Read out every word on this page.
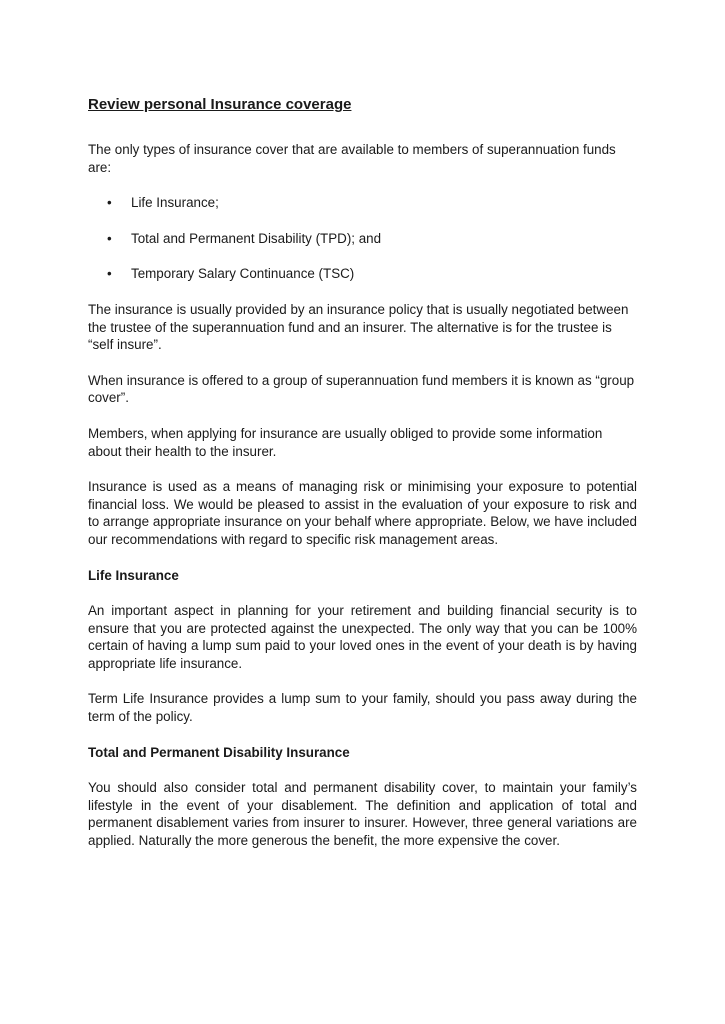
Review personal Insurance coverage

The only types of insurance cover that are available to members of superannuation funds are:

• Life Insurance;
• Total and Permanent Disability (TPD); and
• Temporary Salary Continuance (TSC)

The insurance is usually provided by an insurance policy that is usually negotiated between the trustee of the superannuation fund and an insurer. The alternative is for the trustee is “self insure”.

When insurance is offered to a group of superannuation fund members it is known as “group cover”.

Members, when applying for insurance are usually obliged to provide some information about their health to the insurer.

Insurance is used as a means of managing risk or minimising your exposure to potential financial loss. We would be pleased to assist in the evaluation of your exposure to risk and to arrange appropriate insurance on your behalf where appropriate. Below, we have included our recommendations with regard to specific risk management areas.

Life Insurance

An important aspect in planning for your retirement and building financial security is to ensure that you are protected against the unexpected. The only way that you can be 100% certain of having a lump sum paid to your loved ones in the event of your death is by having appropriate life insurance.

Term Life Insurance provides a lump sum to your family, should you pass away during the term of the policy.

Total and Permanent Disability Insurance

You should also consider total and permanent disability cover, to maintain your family’s lifestyle in the event of your disablement. The definition and application of total and permanent disablement varies from insurer to insurer. However, three general variations are applied. Naturally the more generous the benefit, the more expensive the cover.
